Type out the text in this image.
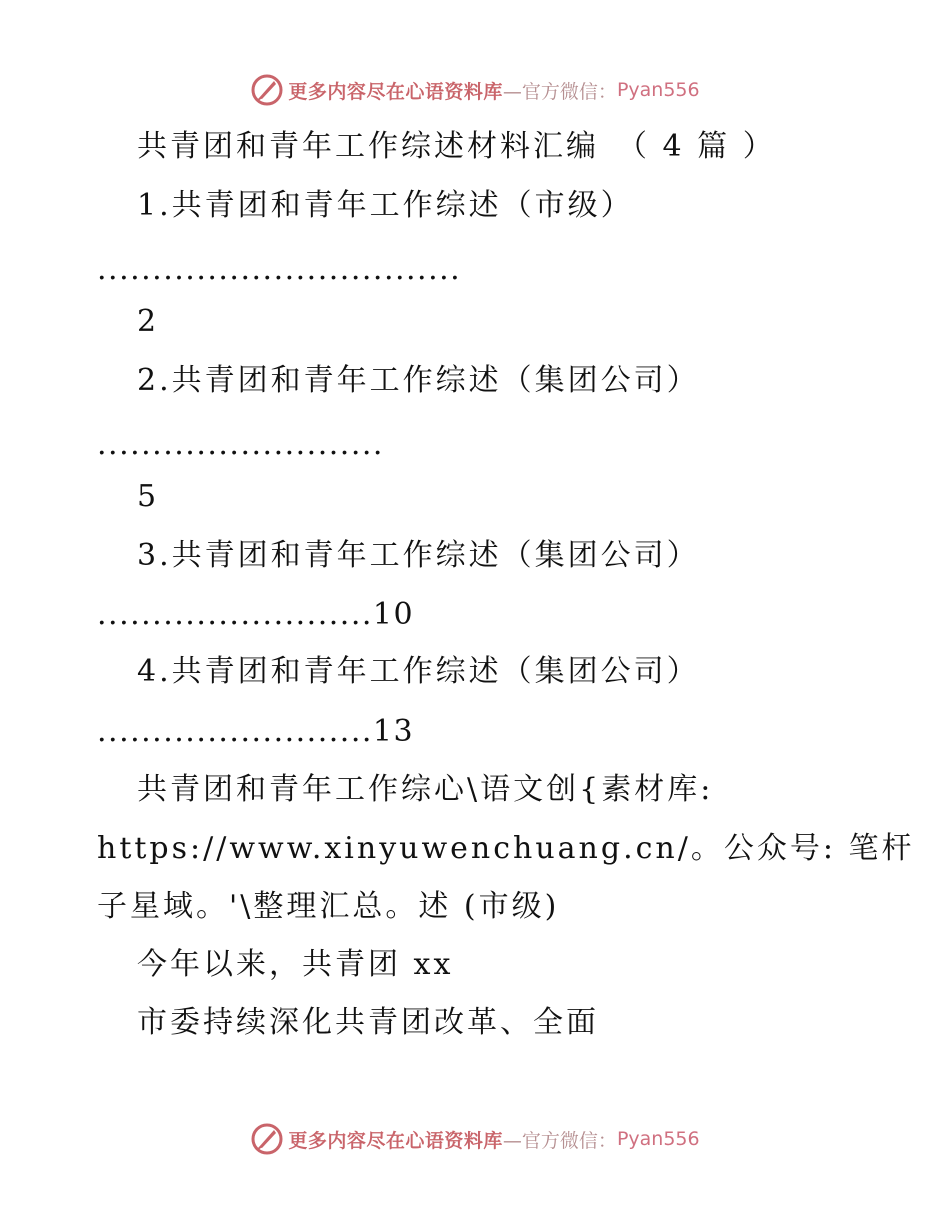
更多内容尽在心语资料库 —官方微信： Pyan556
共青团和青年工作综述材料汇编　（ 4 篇 ）
1.共青团和青年工作综述（市级）
.................................
2
2.共青团和青年工作综述（集团公司）
..........................
5
3.共青团和青年工作综述（集团公司）
.........................10
4.共青团和青年工作综述（集团公司）
.........................13
共青团和青年工作综心\语文创{素材库:
https://www.xinyuwenchuang.cn/。公众号: 笔杆
子星域。'\整理汇总。述 (市级)
今年以来，共青团 xx
市委持续深化共青团改革、全面
更多内容尽在心语资料库 —官方微信： Pyan556
